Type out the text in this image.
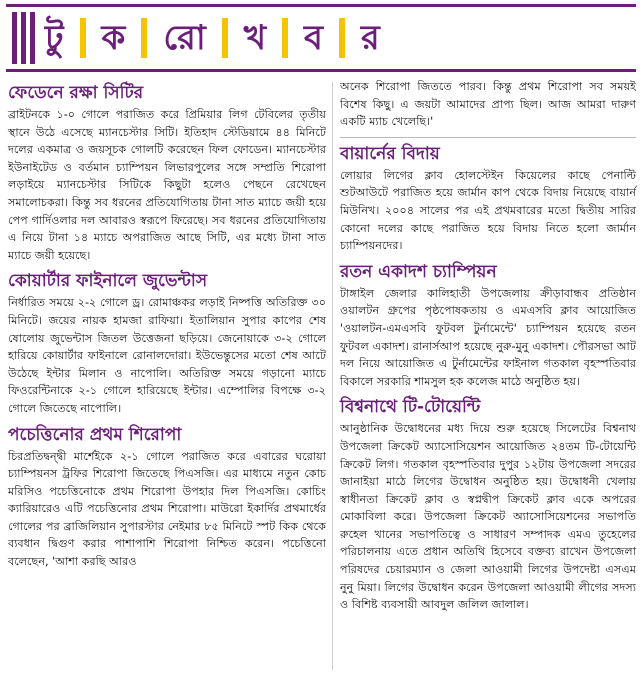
টু ক রো খ ব র
ফেডেনে রক্ষা সিটির

ব্রাইটনকে ১-০ গোলে পরাজিত করে প্রিমিয়ার লিগ টেবিলের তৃতীয় স্থানে উঠে এসেছে ম্যানচেস্টার সিটি। ইতিহাদ স্টেডিয়ামে ৪৪ মিনিটে দলের একমাত্র ও জয়সূচক গোলটি করেছেন ফিল ফোডেন। ম্যানচেস্টার ইউনাইটেড ও বর্তমান চ্যাম্পিয়ন লিভারপুলের সঙ্গে সম্প্রতি শিরোপা লড়াইয়ে ম্যানচেস্টার সিটিকে কিছুটা হলেও পেছনে রেখেছেন সমালোচকরা। কিন্তু সব ধরনের প্রতিযোগিতায় টানা সাত ম্যাচে জয়ী হয়ে পেপ গার্দিওলার দল আবারও স্বরূপে ফিরেছে। সব ধরনের প্রতিযোগিতায় এ নিয়ে টানা ১৪ ম্যাচে অপরাজিত আছে সিটি, এর মধ্যে টানা সাত ম্যাচে জয়ী হয়েছে।

কোয়ার্টার ফাইনালে জুভেন্টাস

নির্ধারিত সময়ে ২-২ গোলে ড্র। রোমাঞ্চকর লড়াই নিষ্পত্তি অতিরিক্ত ৩০ মিনিটে। জয়ের নায়ক হামজা রাফিয়া। ইতালিয়ান সুপার কাপের শেষ ষোলোয় জুভেন্টাস জিতল উত্তেজনা ছড়িয়ে। জেনোয়াকে ৩-২ গোলে হারিয়ে কোয়ার্টার ফাইনালে রোনালদোরা। ইউভেন্তুসের মতো শেষ আটে উঠেছে ইন্টার মিলান ও নাপোলি। অতিরিক্ত সময়ে গড়ানো ম্যাচে ফিওরেন্টিনাকে ২-১ গোলে হারিয়েছে ইন্টার। এম্পোলির বিপক্ষে ৩-২ গোলে জিতেছে নাপোলি।

পচেত্তিনোর প্রথম শিরোপা

চিরপ্রতিদ্বন্দ্বী মার্শেইকে ২-১ গোলে পরাজিত করে এবারের ঘরোয়া চ্যাম্পিয়নস ট্রফির শিরোপা জিতেছে পিএসজি। এর মাধ্যমে নতুন কোচ মরিসিও পচেত্তিনোকে প্রথম শিরোপা উপহার দিল পিএসজি। কোচিং ক্যারিয়ারেও এটি পচেত্তিনোর প্রথম শিরোপা। মাউরো ইকার্দির প্রথমার্ধের গোলের পর ব্রাজিলিয়ান সুপারস্টার নেইমার ৮৫ মিনিটে স্পট কিক থেকে ব্যবধান দ্বিগুণ করার পাশাপাশি শিরোপা নিশ্চিত করেন। পচেত্তিনো বলেছেন, 'আশা করছি আরও

অনেক শিরোপা জিততে পারব। কিন্তু প্রথম শিরোপা সব সময়ই বিশেষ কিছু। এ জয়টা আমাদের প্রাপ্য ছিল। আজ আমরা দারুণ একটি ম্যাচ খেলেছি।'

বায়ার্নের বিদায়

লোয়ার লিগের ক্লাব হোলস্টেইন কিয়েলের কাছে পেনাল্টি শুটআউটে পরাজিত হয়ে জার্মান কাপ থেকে বিদায় নিয়েছে বায়ার্ন মিউনিখ। ২০০৪ সালের পর এই প্রথমবারের মতো দ্বিতীয় সারির কোনো দলের কাছে পরাজিত হয়ে বিদায় নিতে হলো জার্মান চ্যাম্পিয়নদের।

রতন একাদশ চ্যাম্পিয়ন

টাঙ্গাইল জেলার কালিহাতী উপজেলায় ক্রীড়াবান্ধব প্রতিষ্ঠান ওয়ালটন গ্রুপের পৃষ্ঠপোষকতায় ও এমএসবি ক্লাব আয়োজিত 'ওয়ালটন-এমএসবি ফুটবল টুর্নামেন্টে' চ্যাম্পিয়ন হয়েছে রতন ফুটবল একাদশ। রানার্সআপ হয়েছে নুরু-মুনু একাদশ। পৌরসভা আট দল নিয়ে আয়োজিত এ টুর্নামেন্টের ফাইনাল গতকাল বৃহস্পতিবার বিকালে সরকারি শামসুল হক কলেজ মাঠে অনুষ্ঠিত হয়।

বিশ্বনাথে টি-টোয়েন্টি

আনুষ্ঠানিক উদ্বোধনের মধ্য দিয়ে শুরু হয়েছে সিলেটের বিশ্বনাথ উপজেলা ক্রিকেট অ্যাসোসিয়েশন আয়োজিত ২৪তম টি-টোয়েন্টি ক্রিকেট লিগ। গতকাল বৃহস্পতিবার দুপুর ১২টায় উপজেলা সদরের জানাইয়া মাঠে লিগের উদ্বোধন অনুষ্ঠিত হয়। উদ্বোধনী খেলায় স্বাধীনতা ক্রিকেট ক্লাব ও স্বপ্নদ্বীপ ক্রিকেট ক্লাব একে অপরের মোকাবিলা করে। উপজেলা ক্রিকেট অ্যাসোসিয়েশনের সভাপতি রুহেল খানের সভাপতিত্বে ও সাধারণ সম্পাদক এমএ তুহেলের পরিচালনায় এতে প্রধান অতিথি হিসেবে বক্তব্য রাখেন উপজেলা পরিষদের চেয়ারম্যান ও জেলা আওয়ামী লিগের উপদেষ্টা এসএম নুনু মিয়া। লিগের উদ্বোধন করেন উপজেলা আওয়ামী লীগের সদস্য ও বিশিষ্ট ব্যবসায়ী আবদুল জলিল জালাল।
